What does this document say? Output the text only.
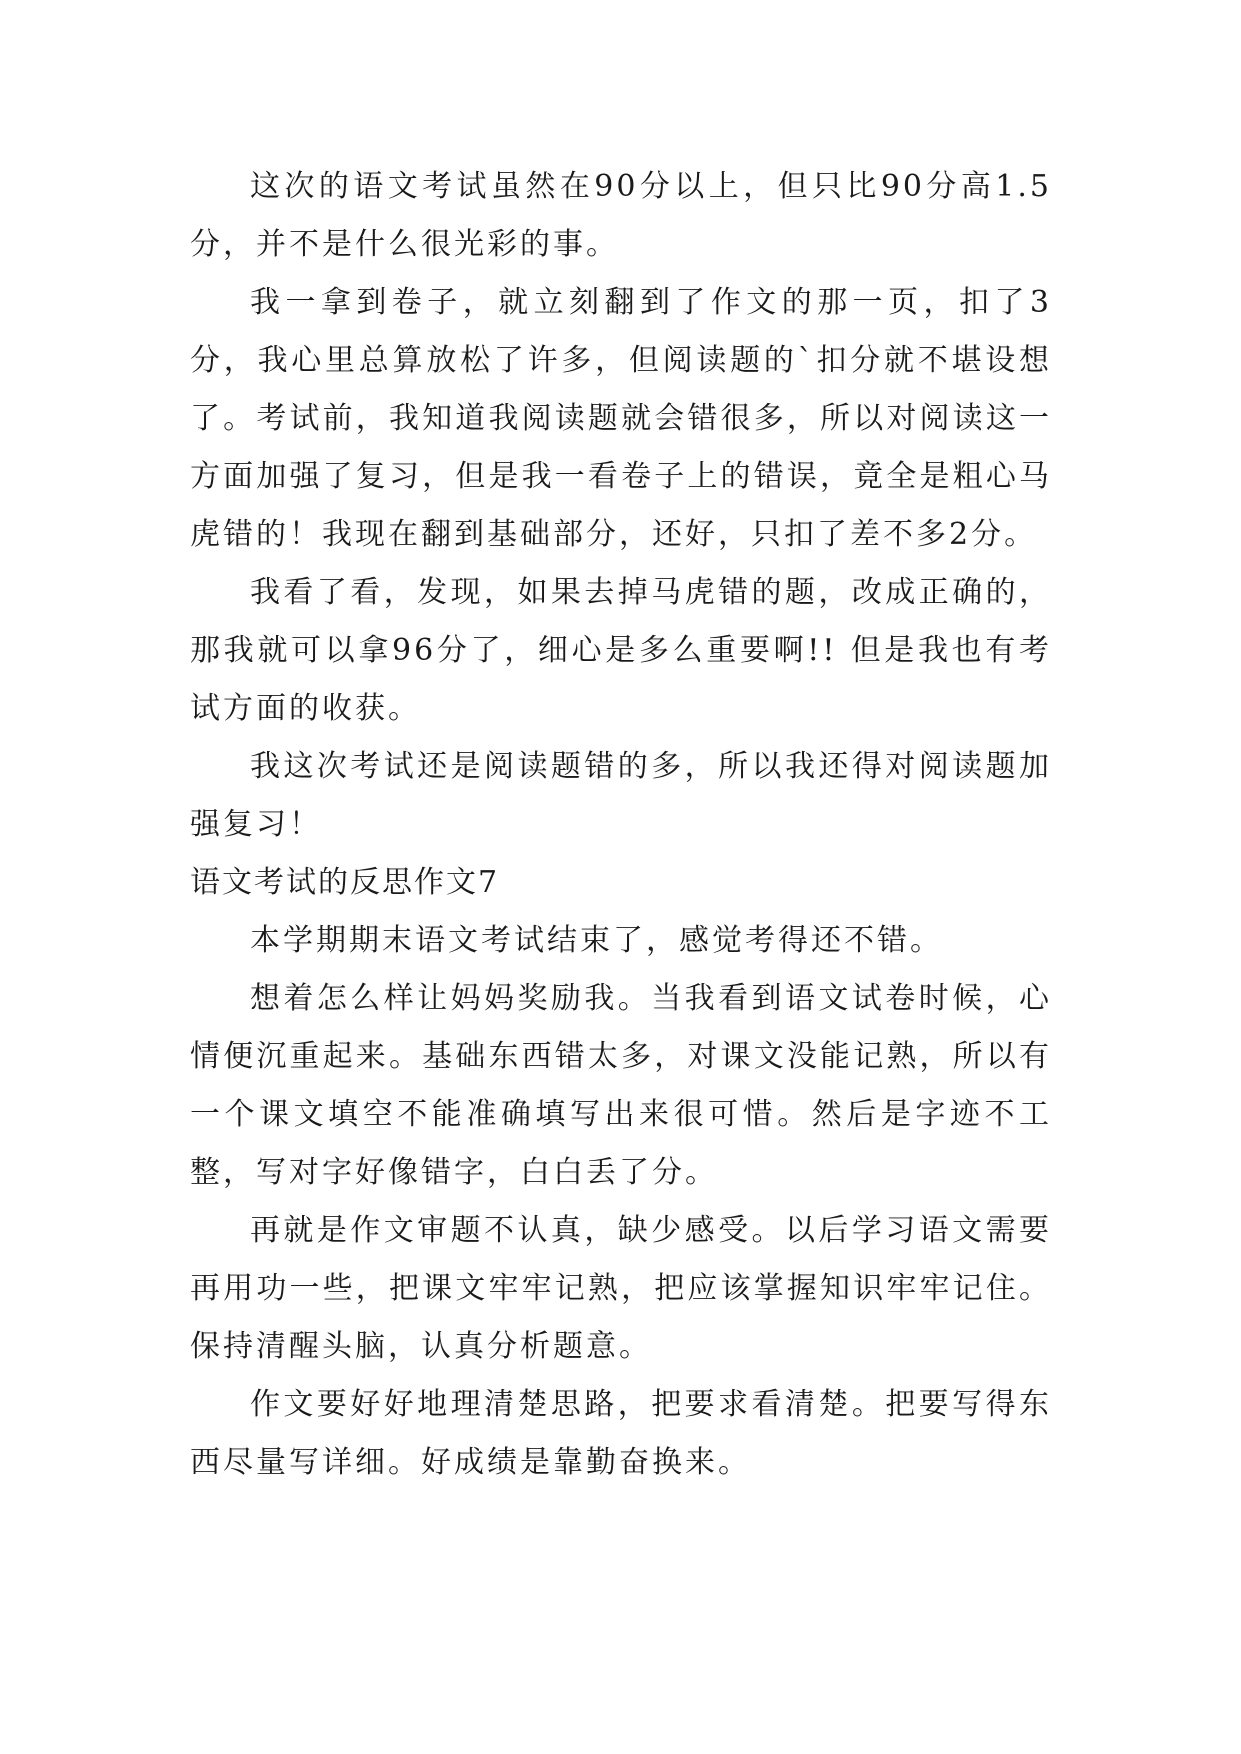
这次的语文考试虽然在90分以上，但只比90分高1.5分，并不是什么很光彩的事。

我一拿到卷子，就立刻翻到了作文的那一页，扣了3分，我心里总算放松了许多，但阅读题的`扣分就不堪设想了。考试前，我知道我阅读题就会错很多，所以对阅读这一方面加强了复习，但是我一看卷子上的错误，竟全是粗心马虎错的！我现在翻到基础部分，还好，只扣了差不多2分。

我看了看，发现，如果去掉马虎错的题，改成正确的，那我就可以拿96分了，细心是多么重要啊!! 但是我也有考试方面的收获。

我这次考试还是阅读题错的多，所以我还得对阅读题加强复习！

语文考试的反思作文7

本学期期末语文考试结束了，感觉考得还不错。

想着怎么样让妈妈奖励我。当我看到语文试卷时候，心情便沉重起来。基础东西错太多，对课文没能记熟，所以有一个课文填空不能准确填写出来很可惜。然后是字迹不工整，写对字好像错字，白白丢了分。

再就是作文审题不认真，缺少感受。以后学习语文需要再用功一些，把课文牢牢记熟，把应该掌握知识牢牢记住。保持清醒头脑，认真分析题意。

作文要好好地理清楚思路，把要求看清楚。把要写得东西尽量写详细。好成绩是靠勤奋换来。
